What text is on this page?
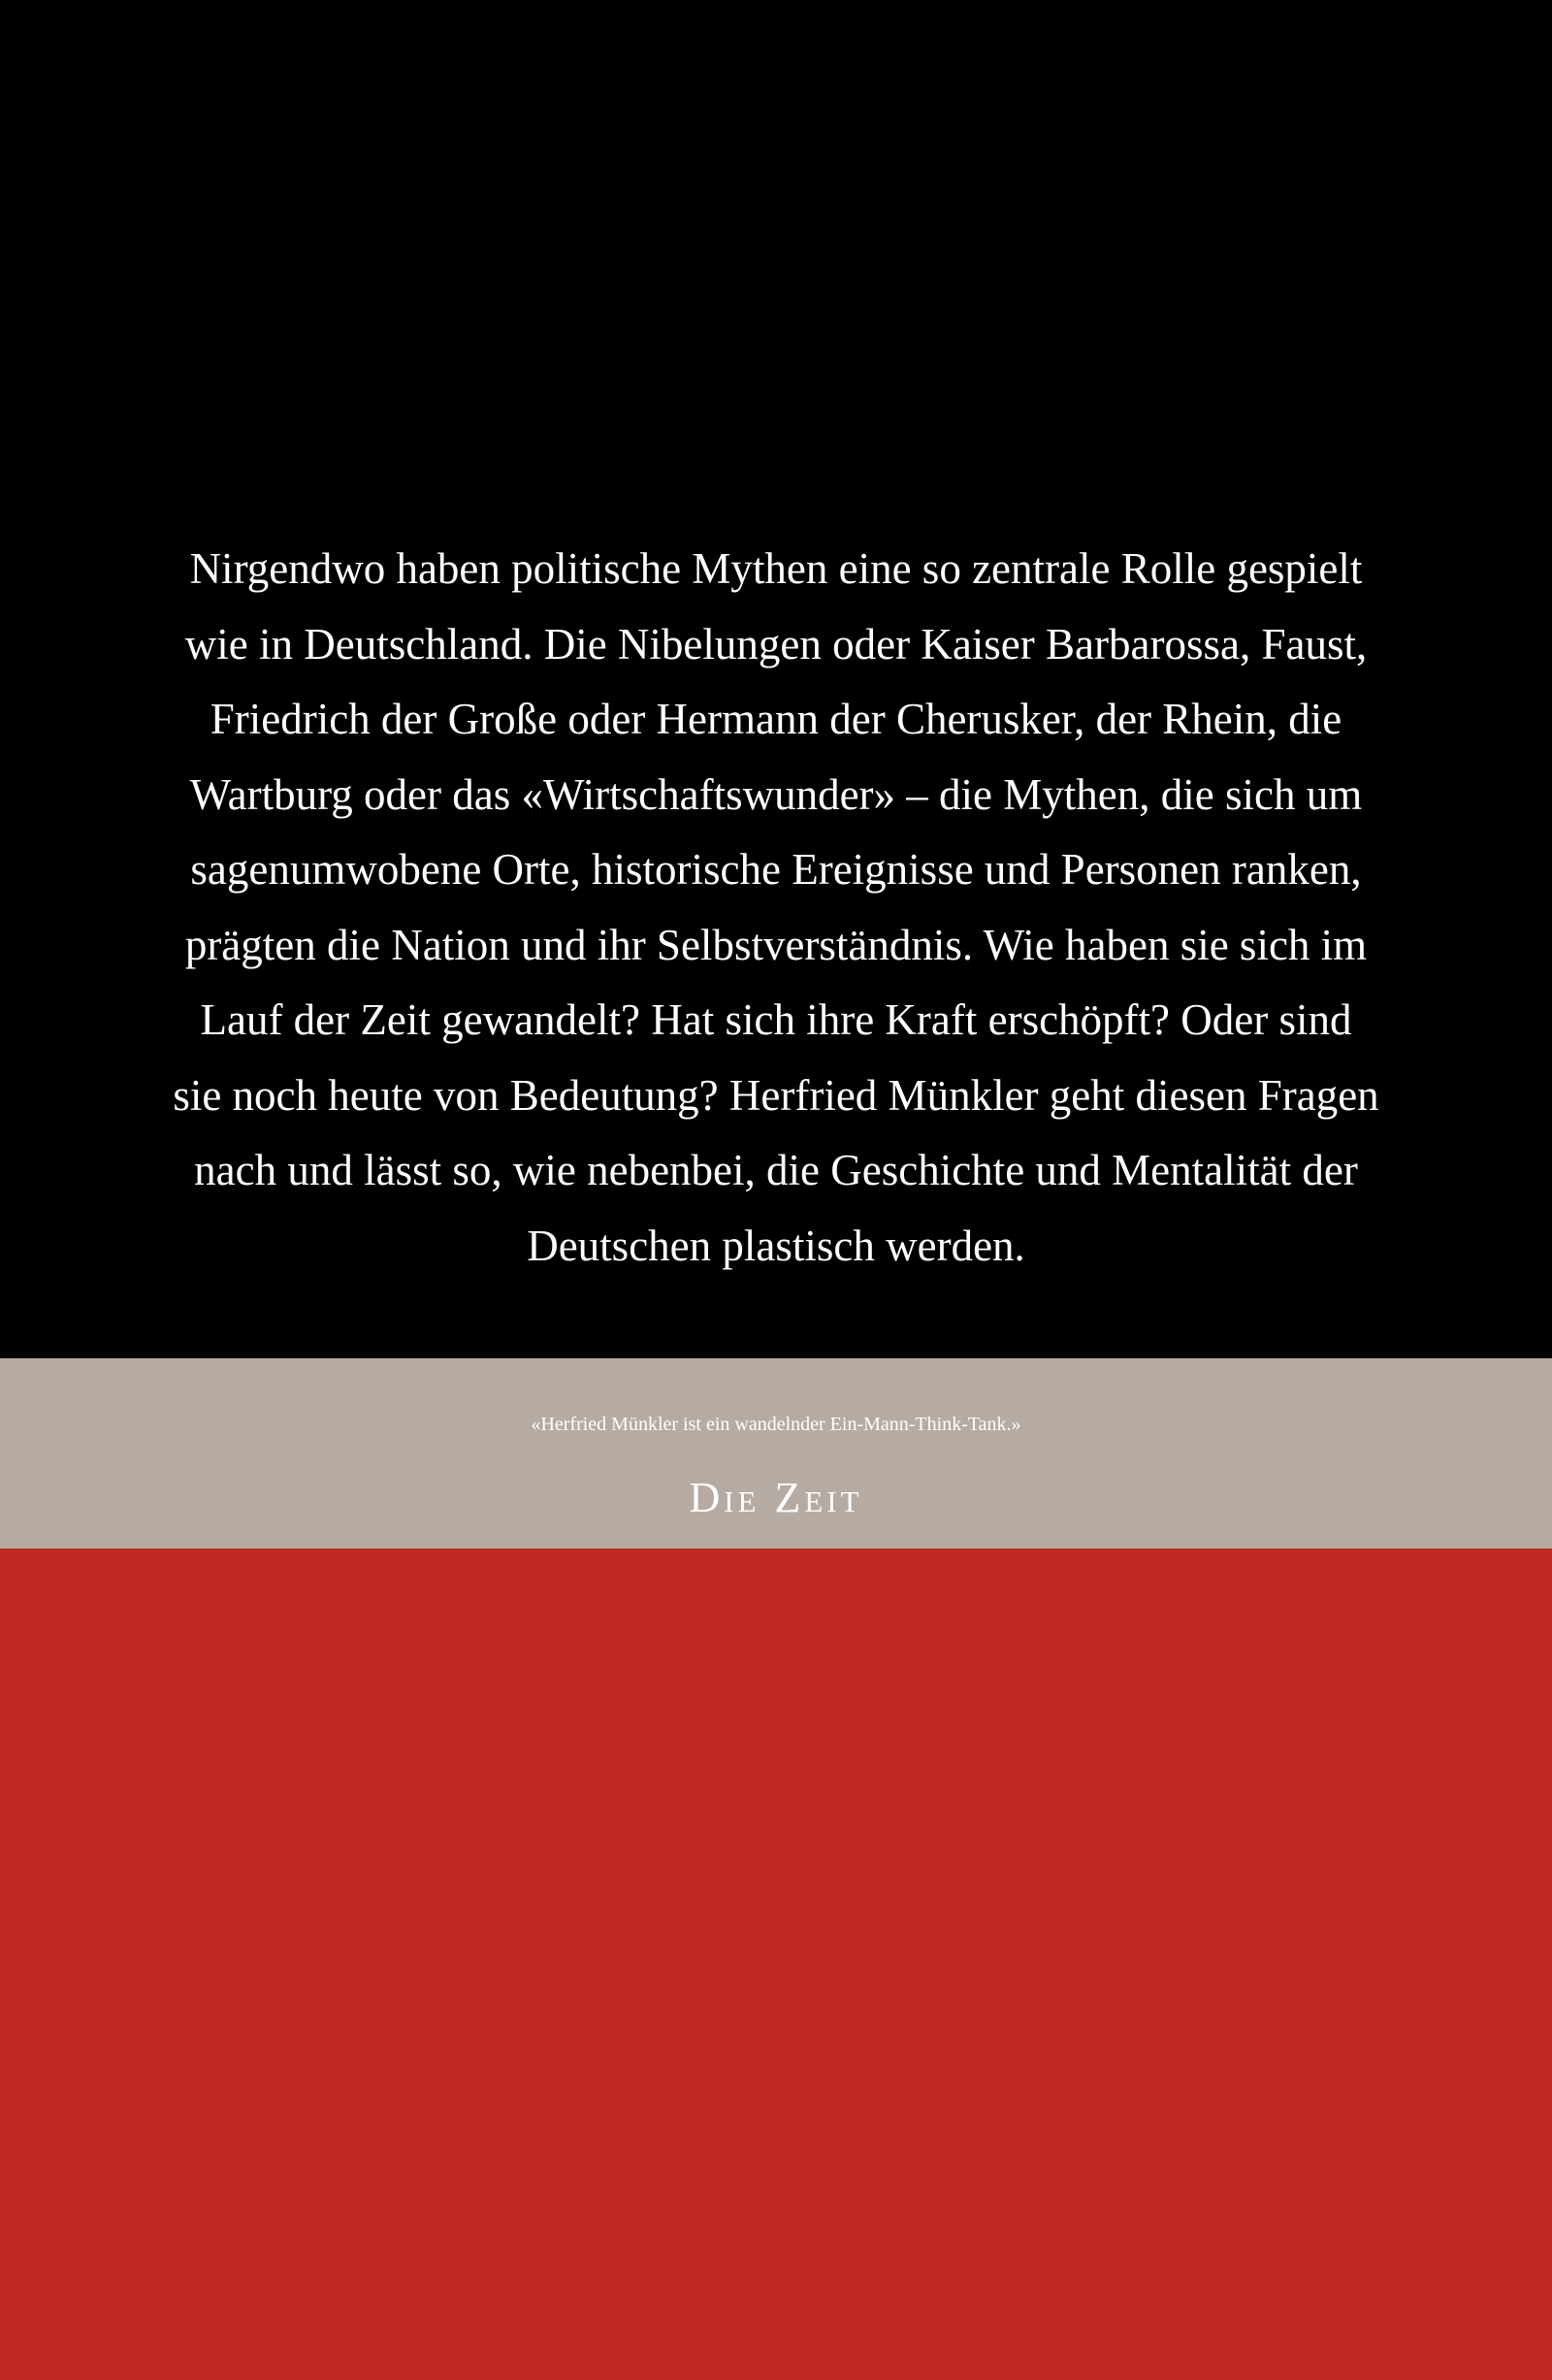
Nirgendwo haben politische Mythen eine so zentrale Rolle gespielt
wie in Deutschland. Die Nibelungen oder Kaiser Barbarossa, Faust,
Friedrich der Große oder Hermann der Cherusker, der Rhein, die
Wartburg oder das «Wirtschaftswunder» – die Mythen, die sich um
sagenumwobene Orte, historische Ereignisse und Personen ranken,
prägten die Nation und ihr Selbstverständnis. Wie haben sie sich im
Lauf der Zeit gewandelt? Hat sich ihre Kraft erschöpft? Oder sind
sie noch heute von Bedeutung? Herfried Münkler geht diesen Fragen
nach und lässt so, wie nebenbei, die Geschichte und Mentalität der
Deutschen plastisch werden.

«Herfried Münkler ist ein wandelnder Ein-Mann-Think-Tank.»
Die Zeit
